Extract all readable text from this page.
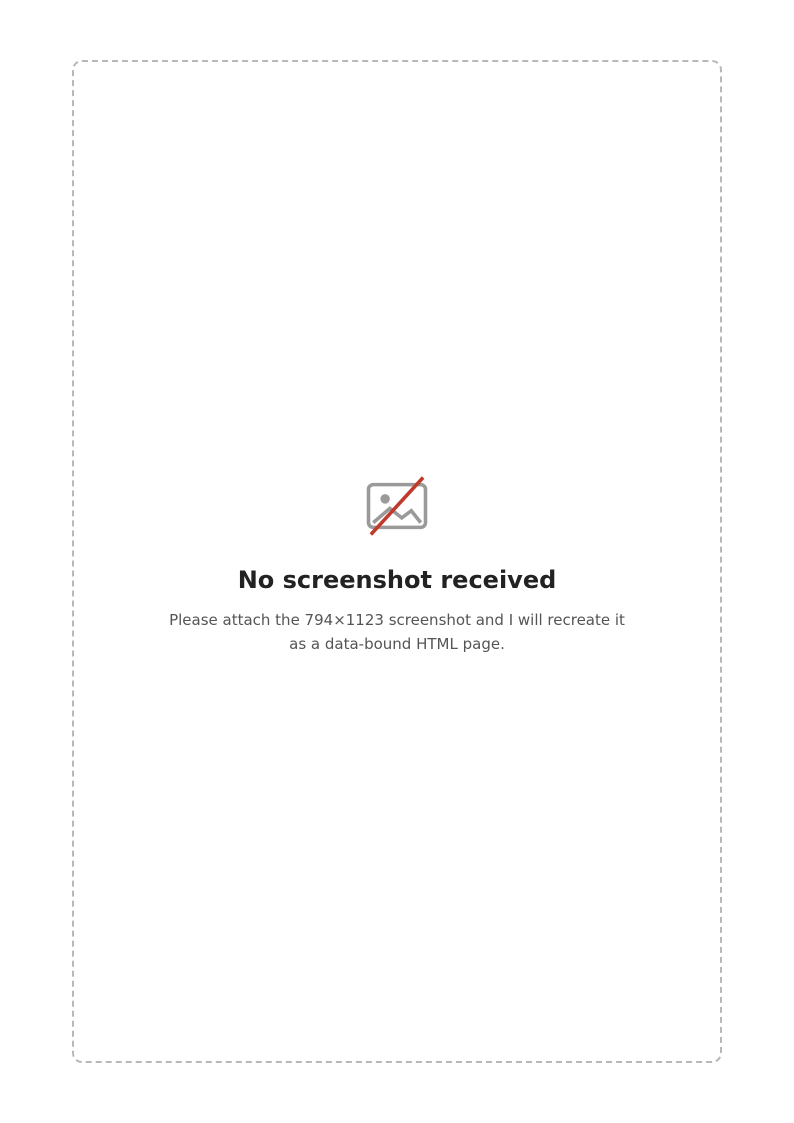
No screenshot received

Please attach the 794×1123 screenshot and I will recreate it as a data-bound HTML page.
